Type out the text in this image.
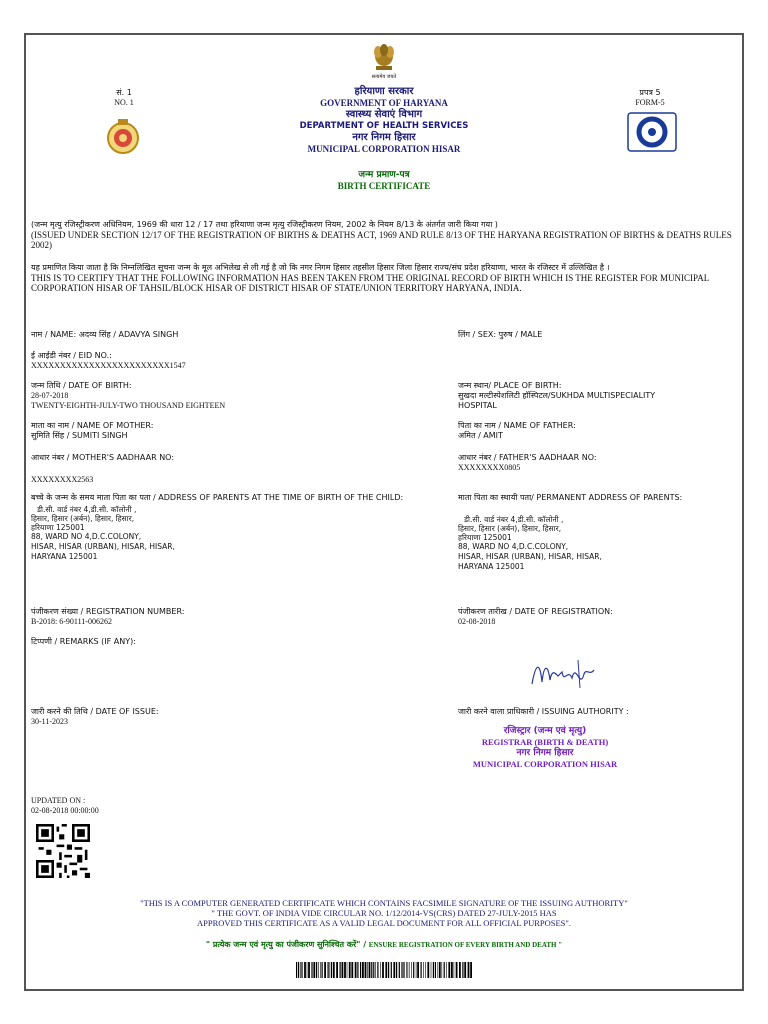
सत्यमेव जयते
हरियाणा सरकार
GOVERNMENT OF HARYANA
स्वास्थ्य सेवाएं विभाग
DEPARTMENT OF HEALTH SERVICES
नगर निगम हिसार
MUNICIPAL CORPORATION HISAR
जन्म प्रमाण-पत्र
BIRTH CERTIFICATE
सं. 1
NO. 1
प्रपत्र 5
FORM-5
(जन्म मृत्यु रजिस्ट्रीकरण अधिनियम, 1969 की धारा 12 / 17 तथा हरियाणा जन्म मृत्यु रजिस्ट्रीकरण नियम, 2002 के नियम 8/13 के अंतर्गत जारी किया गया )
(ISSUED UNDER SECTION 12/17 OF THE REGISTRATION OF BIRTHS & DEATHS ACT, 1969 AND RULE 8/13 OF THE HARYANA REGISTRATION OF BIRTHS & DEATHS RULES 2002)
यह प्रमाणित किया जाता है कि निम्नलिखित सूचना जन्म के मूल अभिलेख से ली गई है जो कि नगर निगम हिसार तहसील हिसार जिला हिसार राज्य/संघ प्रदेश हरियाणा, भारत के रजिस्टर में उल्लिखित है ।
THIS IS TO CERTIFY THAT THE FOLLOWING INFORMATION HAS BEEN TAKEN FROM THE ORIGINAL RECORD OF BIRTH WHICH IS THE REGISTER FOR MUNICIPAL CORPORATION HISAR OF TAHSIL/BLOCK HISAR OF DISTRICT HISAR OF STATE/UNION TERRITORY HARYANA, INDIA.
नाम / NAME: अदव्य सिंह / ADAVYA SINGH	लिंग / SEX: पुरुष / MALE
ई आईडी नंबर / EID NO.:
XXXXXXXXXXXXXXXXXXXXXXXX1547
जन्म तिथि / DATE OF BIRTH:
28-07-2018
TWENTY-EIGHTH-JULY-TWO THOUSAND EIGHTEEN
जन्म स्थान/ PLACE OF BIRTH:
सुखदा मल्टीस्पेशलिटी हॉस्पिटल/SUKHDA MULTISPECIALITY
HOSPITAL
माता का नाम / NAME OF MOTHER:
सुमिति सिंह / SUMITI SINGH
पिता का नाम / NAME OF FATHER:
अमित / AMIT
आधार नंबर / MOTHER'S AADHAAR NO:
XXXXXXXX2563
आधार नंबर / FATHER'S AADHAAR NO:
XXXXXXXX0805
बच्चे के जन्म के समय माता पिता का पता / ADDRESS OF PARENTS AT THE TIME OF BIRTH OF THE CHILD:
डी.सी. वार्ड नंबर 4,डी.सी. कॉलोनी ,
हिसार, हिसार (अर्बन), हिसार, हिसार,
हरियाणा 125001
88, WARD NO 4,D.C.COLONY,
HISAR, HISAR (URBAN), HISAR, HISAR,
HARYANA 125001
माता पिता का स्थायी पता/ PERMANENT ADDRESS OF PARENTS:
डी.सी. वार्ड नंबर 4,डी.सी. कॉलोनी ,
हिसार, हिसार (अर्बन), हिसार, हिसार,
हरियाणा 125001
88, WARD NO 4,D.C.COLONY,
HISAR, HISAR (URBAN), HISAR, HISAR,
HARYANA 125001
पंजीकरण संख्या / REGISTRATION NUMBER:
B-2018: 6-90111-006262
पंजीकरण तारीख / DATE OF REGISTRATION:
02-08-2018
टिप्पणी / REMARKS (IF ANY):
जारी करने की तिथि / DATE OF ISSUE:
30-11-2023
जारी करने वाला प्राधिकारी / ISSUING AUTHORITY :
रजिस्ट्रार (जन्म एवं मृत्यु)
REGISTRAR (BIRTH & DEATH)
नगर निगम हिसार
MUNICIPAL CORPORATION HISAR
UPDATED ON :
02-08-2018 00:00:00
"THIS IS A COMPUTER GENERATED CERTIFICATE WHICH CONTAINS FACSIMILE SIGNATURE OF THE ISSUING AUTHORITY"
" THE GOVT. OF INDIA VIDE CIRCULAR NO. 1/12/2014-VS(CRS) DATED 27-JULY-2015 HAS
APPROVED THIS CERTIFICATE AS A VALID LEGAL DOCUMENT FOR ALL OFFICIAL PURPOSES".
" प्रत्येक जन्म एवं मृत्यु का पंजीकरण सुनिश्चित करें" / ENSURE REGISTRATION OF EVERY BIRTH AND DEATH "
